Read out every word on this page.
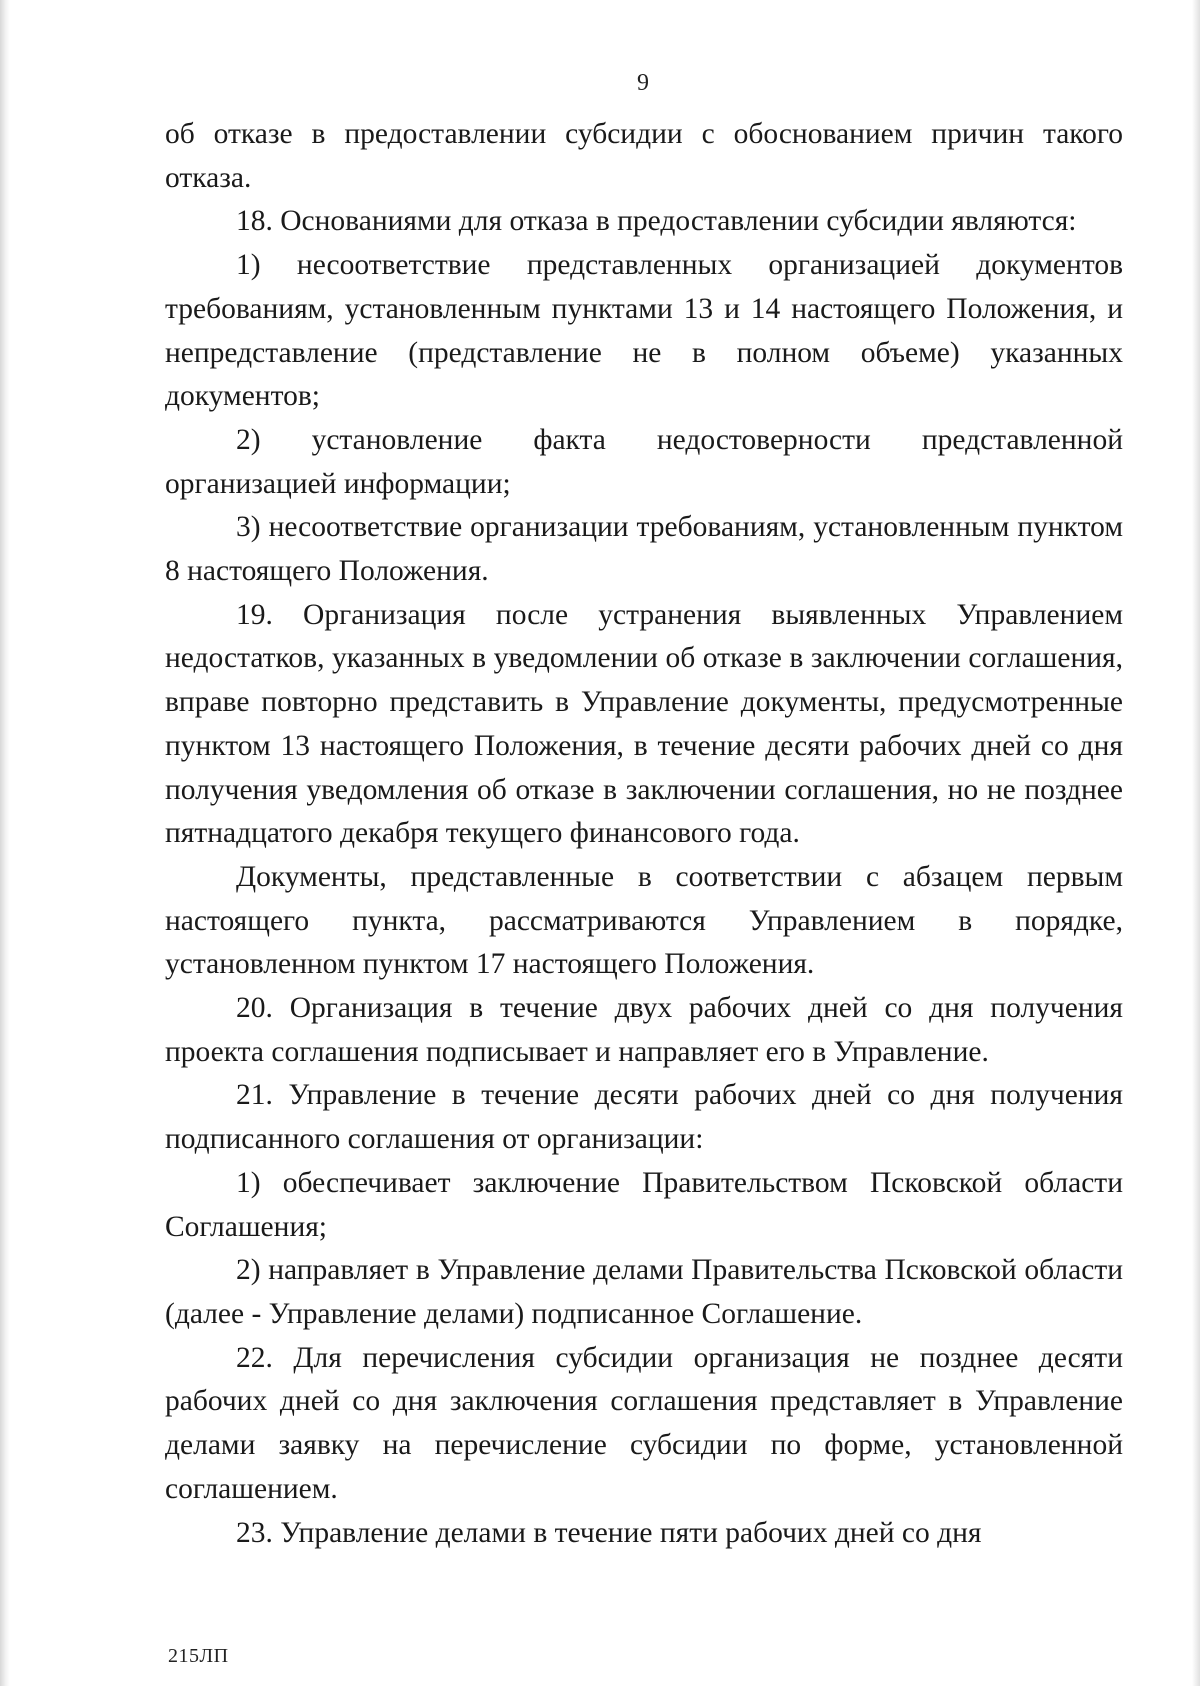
9

об отказе в предоставлении субсидии с обоснованием причин такого отказа.

18. Основаниями для отказа в предоставлении субсидии являются:

1) несоответствие представленных организацией документов требованиям, установленным пунктами 13 и 14 настоящего Положения, и непредставление (представление не в полном объеме) указанных документов;

2) установление факта недостоверности представленной организацией информации;

3) несоответствие организации требованиям, установленным пунктом 8 настоящего Положения.

19. Организация после устранения выявленных Управлением недостатков, указанных в уведомлении об отказе в заключении соглашения, вправе повторно представить в Управление документы, предусмотренные пунктом 13 настоящего Положения, в течение десяти рабочих дней со дня получения уведомления об отказе в заключении соглашения, но не позднее пятнадцатого декабря текущего финансового года.

Документы, представленные в соответствии с абзацем первым настоящего пункта, рассматриваются Управлением в порядке, установленном пунктом 17 настоящего Положения.

20. Организация в течение двух рабочих дней со дня получения проекта соглашения подписывает и направляет его в Управление.

21. Управление в течение десяти рабочих дней со дня получения подписанного соглашения от организации:

1) обеспечивает заключение Правительством Псковской области Соглашения;

2) направляет в Управление делами Правительства Псковской области (далее - Управление делами) подписанное Соглашение.

22. Для перечисления субсидии организация не позднее десяти рабочих дней со дня заключения соглашения представляет в Управление делами заявку на перечисление субсидии по форме, установленной соглашением.

23. Управление делами в течение пяти рабочих дней со дня

215ЛП
